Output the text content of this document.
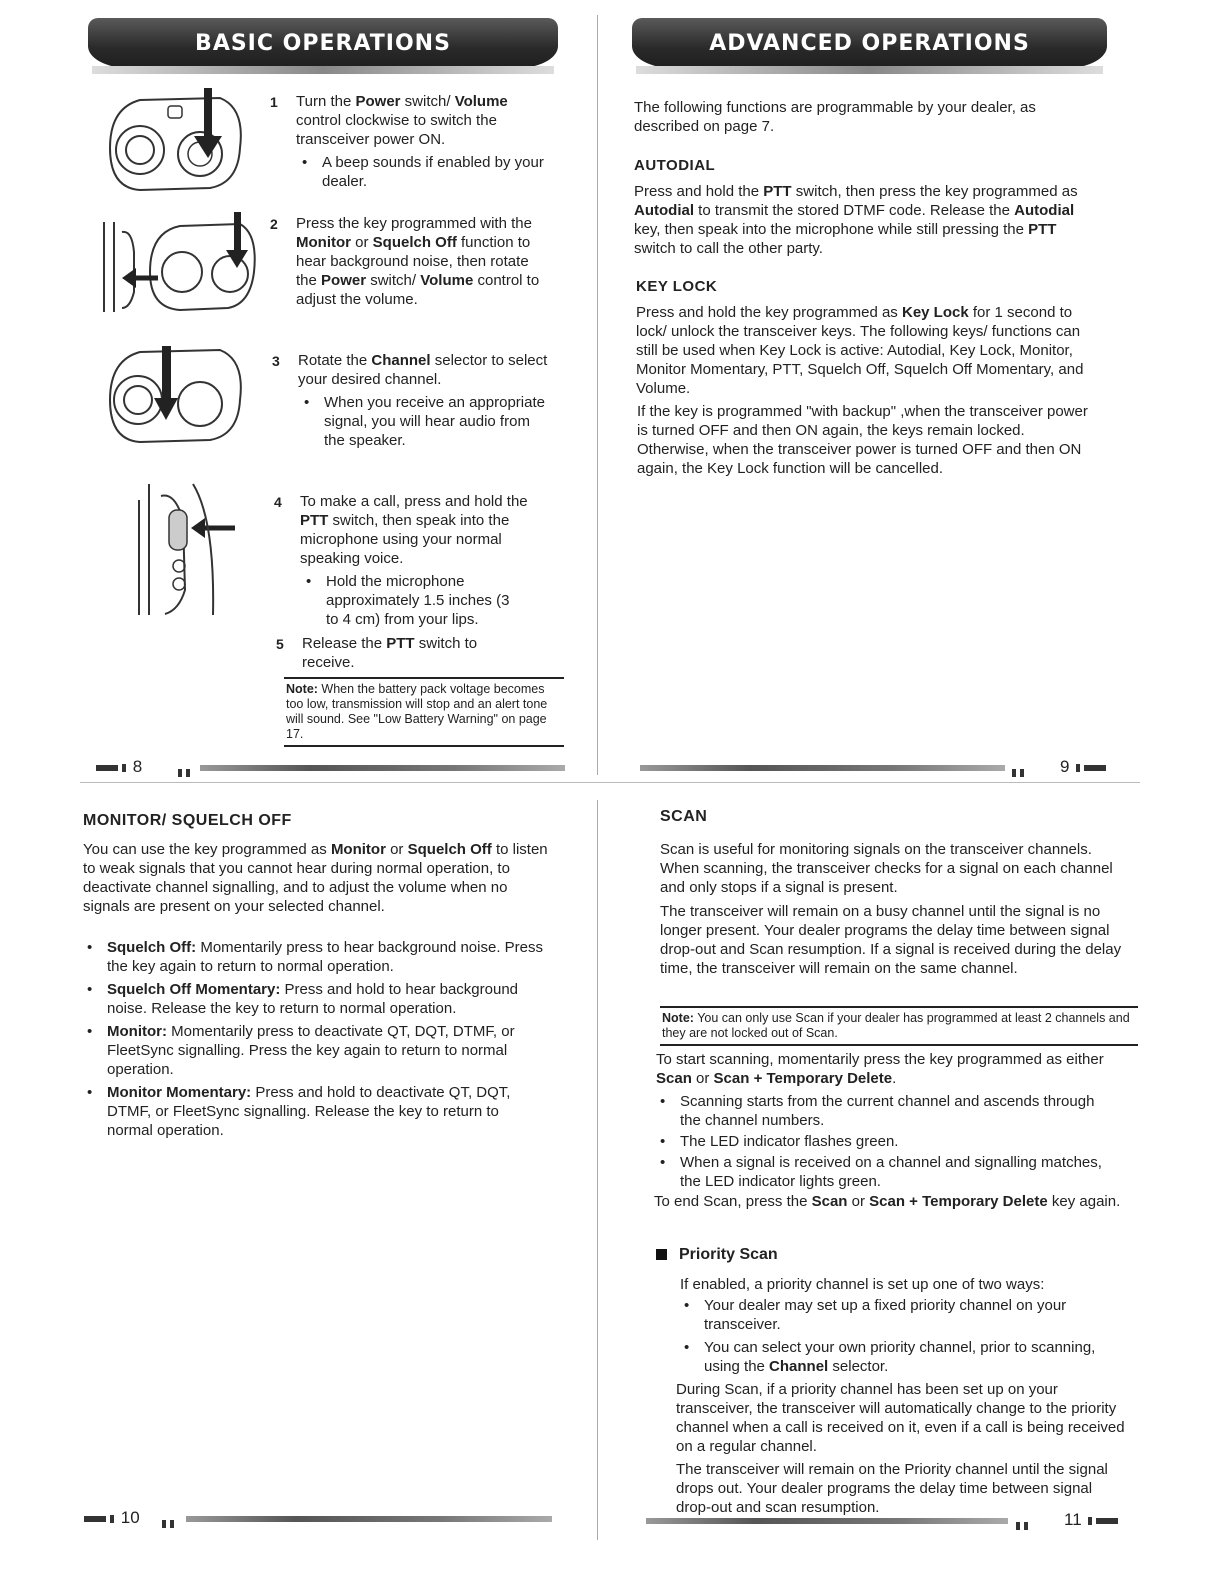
BASIC OPERATIONS
1 Turn the Power switch/ Volume control clockwise to switch the transceiver power ON.
• A beep sounds if enabled by your dealer.
2 Press the key programmed with the Monitor or Squelch Off function to hear background noise, then rotate the Power switch/ Volume control to adjust the volume.
3 Rotate the Channel selector to select your desired channel.
• When you receive an appropriate signal, you will hear audio from the speaker.
4 To make a call, press and hold the PTT switch, then speak into the microphone using your normal speaking voice.
• Hold the microphone approximately 1.5 inches (3 to 4 cm) from your lips.
5 Release the PTT switch to receive.
Note: When the battery pack voltage becomes too low, transmission will stop and an alert tone will sound. See "Low Battery Warning" on page 17.
8
ADVANCED OPERATIONS

The following functions are programmable by your dealer, as described on page 7.

AUTODIAL

Press and hold the PTT switch, then press the key programmed as Autodial to transmit the stored DTMF code. Release the Autodial key, then speak into the microphone while still pressing the PTT switch to call the other party.

KEY LOCK

Press and hold the key programmed as Key Lock for 1 second to lock/ unlock the transceiver keys. The following keys/ functions can still be used when Key Lock is active: Autodial, Key Lock, Monitor, Monitor Momentary, PTT, Squelch Off, Squelch Off Momentary, and Volume.

If the key is programmed "with backup" ,when the transceiver power is turned OFF and then ON again, the keys remain locked. Otherwise, when the transceiver power is turned OFF and then ON again, the Key Lock function will be cancelled.

9
MONITOR/ SQUELCH OFF

You can use the key programmed as Monitor or Squelch Off to listen to weak signals that you cannot hear during normal operation, to deactivate channel signalling, and to adjust the volume when no signals are present on your selected channel.

• Squelch Off: Momentarily press to hear background noise. Press the key again to return to normal operation.
• Squelch Off Momentary: Press and hold to hear background noise. Release the key to return to normal operation.
• Monitor: Momentarily press to deactivate QT, DQT, DTMF, or FleetSync signalling. Press the key again to return to normal operation.
• Monitor Momentary: Press and hold to deactivate QT, DQT, DTMF, or FleetSync signalling. Release the key to return to normal operation.
10
SCAN

Scan is useful for monitoring signals on the transceiver channels. When scanning, the transceiver checks for a signal on each channel and only stops if a signal is present.

The transceiver will remain on a busy channel until the signal is no longer present. Your dealer programs the delay time between signal drop-out and Scan resumption. If a signal is received during the delay time, the transceiver will remain on the same channel.

Note: You can only use Scan if your dealer has programmed at least 2 channels and they are not locked out of Scan.

To start scanning, momentarily press the key programmed as either Scan or Scan + Temporary Delete.

• Scanning starts from the current channel and ascends through the channel numbers.
• The LED indicator flashes green.
• When a signal is received on a channel and signalling matches, the LED indicator lights green.

To end Scan, press the Scan or Scan + Temporary Delete key again.

Priority Scan

If enabled, a priority channel is set up one of two ways:

• Your dealer may set up a fixed priority channel on your transceiver.
• You can select your own priority channel, prior to scanning, using the Channel selector.

During Scan, if a priority channel has been set up on your transceiver, the transceiver will automatically change to the priority channel when a call is received on it, even if a call is being received on a regular channel.

The transceiver will remain on the Priority channel until the signal drops out. Your dealer programs the delay time between signal drop-out and scan resumption.

11
